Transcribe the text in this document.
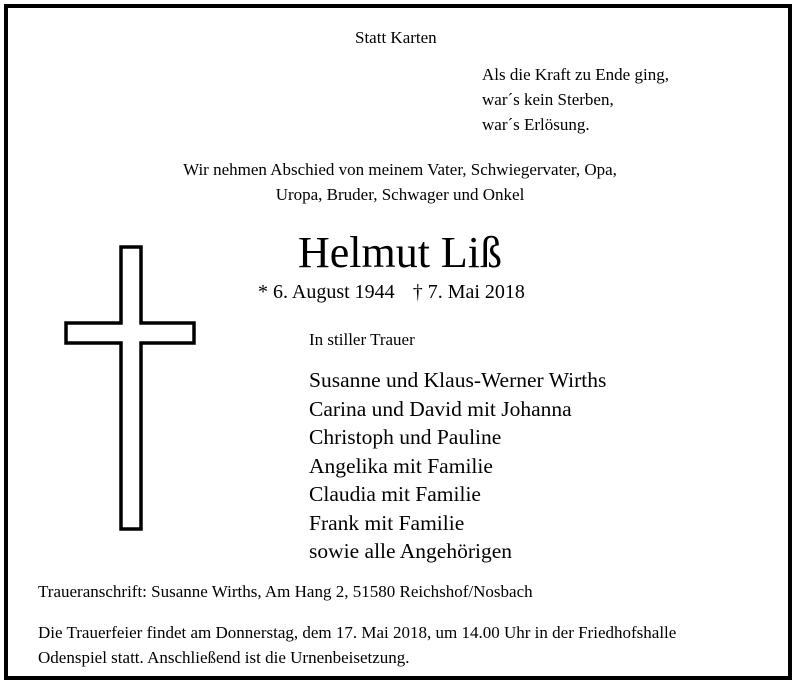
Statt Karten
Als die Kraft zu Ende ging,
war´s kein Sterben,
war´s Erlösung.
Wir nehmen Abschied von meinem Vater, Schwiegervater, Opa,
Uropa, Bruder, Schwager und Onkel
Helmut Liß
* 6. August 1944 † 7. Mai 2018
In stiller Trauer
Susanne und Klaus-Werner Wirths
Carina und David mit Johanna
Christoph und Pauline
Angelika mit Familie
Claudia mit Familie
Frank mit Familie
sowie alle Angehörigen
Traueranschrift: Susanne Wirths, Am Hang 2, 51580 Reichshof/Nosbach
Die Trauerfeier findet am Donnerstag, dem 17. Mai 2018, um 14.00 Uhr in der Friedhofshalle
Odenspiel statt. Anschließend ist die Urnenbeisetzung.
